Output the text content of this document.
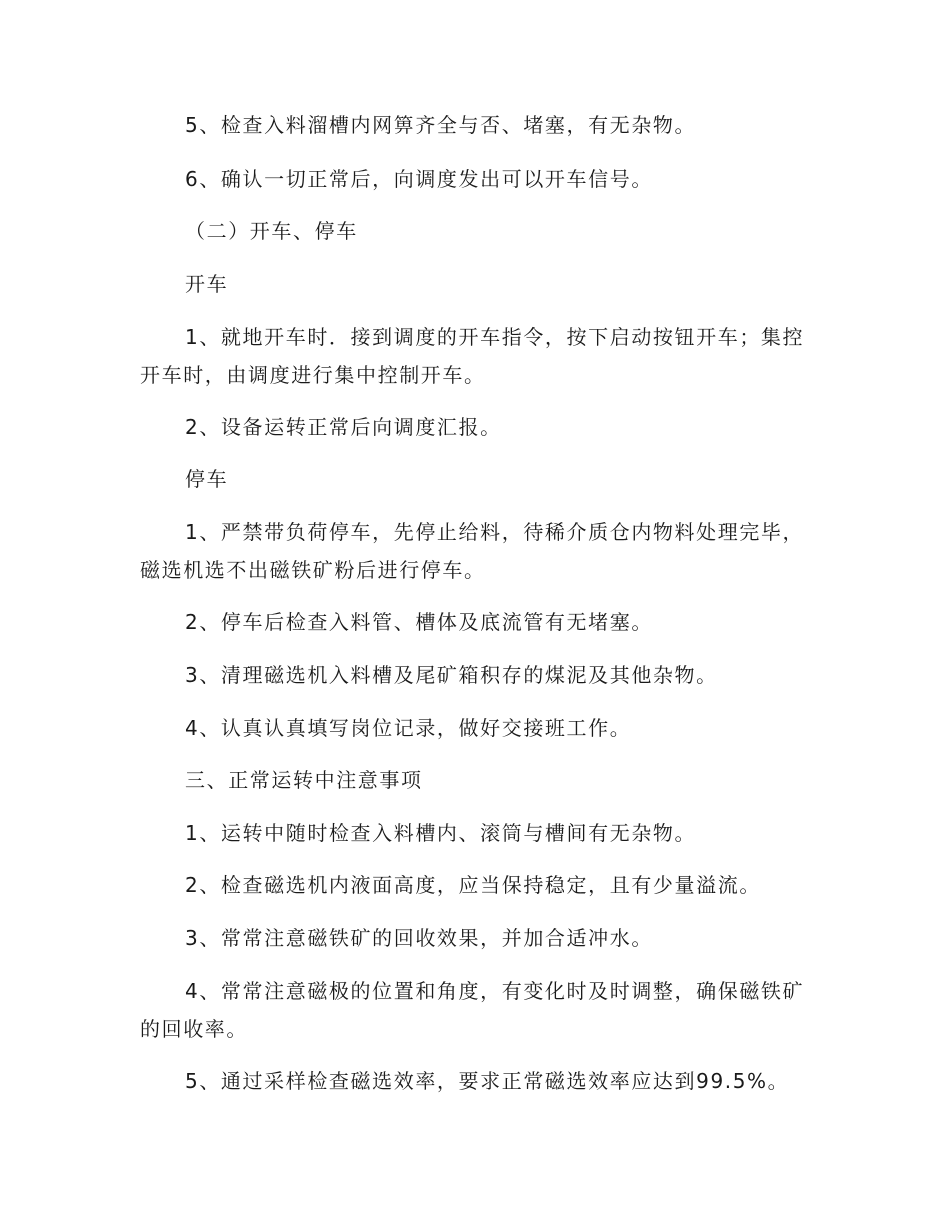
5、检查入料溜槽内网箅齐全与否、堵塞，有无杂物。

6、确认一切正常后，向调度发出可以开车信号。

（二）开车、停车

开车

1、就地开车时．接到调度的开车指令，按下启动按钮开车；集控开车时，由调度进行集中控制开车。

2、设备运转正常后向调度汇报。

停车

1、严禁带负荷停车，先停止给料，待稀介质仓内物料处理完毕，磁选机选不出磁铁矿粉后进行停车。

2、停车后检查入料管、槽体及底流管有无堵塞。

3、清理磁选机入料槽及尾矿箱积存的煤泥及其他杂物。

4、认真认真填写岗位记录，做好交接班工作。

三、正常运转中注意事项

1、运转中随时检查入料槽内、滚筒与槽间有无杂物。

2、检查磁选机内液面高度，应当保持稳定，且有少量溢流。

3、常常注意磁铁矿的回收效果，并加合适冲水。

4、常常注意磁极的位置和角度，有变化时及时调整，确保磁铁矿的回收率。

5、通过采样检查磁选效率，要求正常磁选效率应达到99.5%。
